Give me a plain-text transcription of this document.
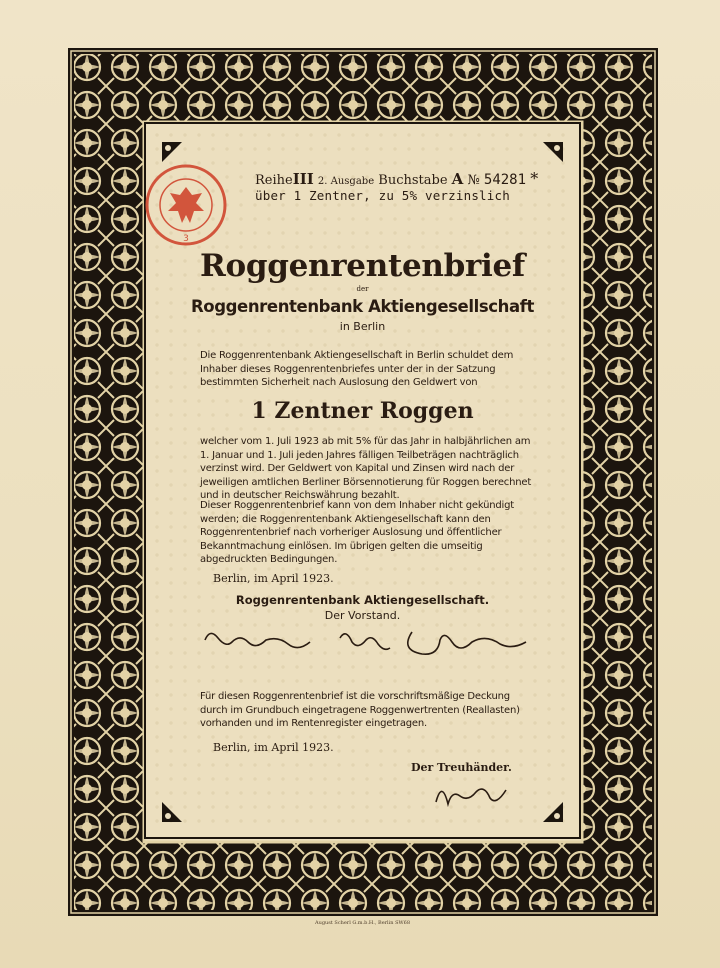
3
ReiheIII 2. Ausgabe Buchstabe A № 54281 *
über 1 Zentner, zu 5% verzinslich
Roggenrentenbrief
der
Roggenrentenbank Aktiengesellschaft
in Berlin
Die Roggenrentenbank Aktiengesellschaft in Berlin schuldet dem Inhaber dieses Roggenrentenbriefes unter der in der Satzung bestimmten Sicherheit nach Auslosung den Geldwert von
1 Zentner Roggen
welcher vom 1. Juli 1923 ab mit 5% für das Jahr in halbjährlichen am 1. Januar und 1. Juli jeden Jahres fälligen Teilbeträgen nachträglich verzinst wird. Der Geldwert von Kapital und Zinsen wird nach der jeweiligen amtlichen Berliner Börsennotierung für Roggen berechnet und in deutscher Reichswährung bezahlt.
Dieser Roggenrentenbrief kann von dem Inhaber nicht gekündigt werden; die Roggenrentenbank Aktiengesellschaft kann den Roggenrentenbrief nach vorheriger Auslosung und öffentlicher Bekanntmachung einlösen. Im übrigen gelten die umseitig abgedruckten Bedingungen.
Berlin, im April 1923.
Roggenrentenbank Aktiengesellschaft.
Der Vorstand.
Für diesen Roggenrentenbrief ist die vorschriftsmäßige Deckung durch im Grundbuch eingetragene Roggenwertrenten (Reallasten) vorhanden und im Rentenregister eingetragen.
Berlin, im April 1923.
Der Treuhänder.
August Scherl G.m.b.H., Berlin SW68
